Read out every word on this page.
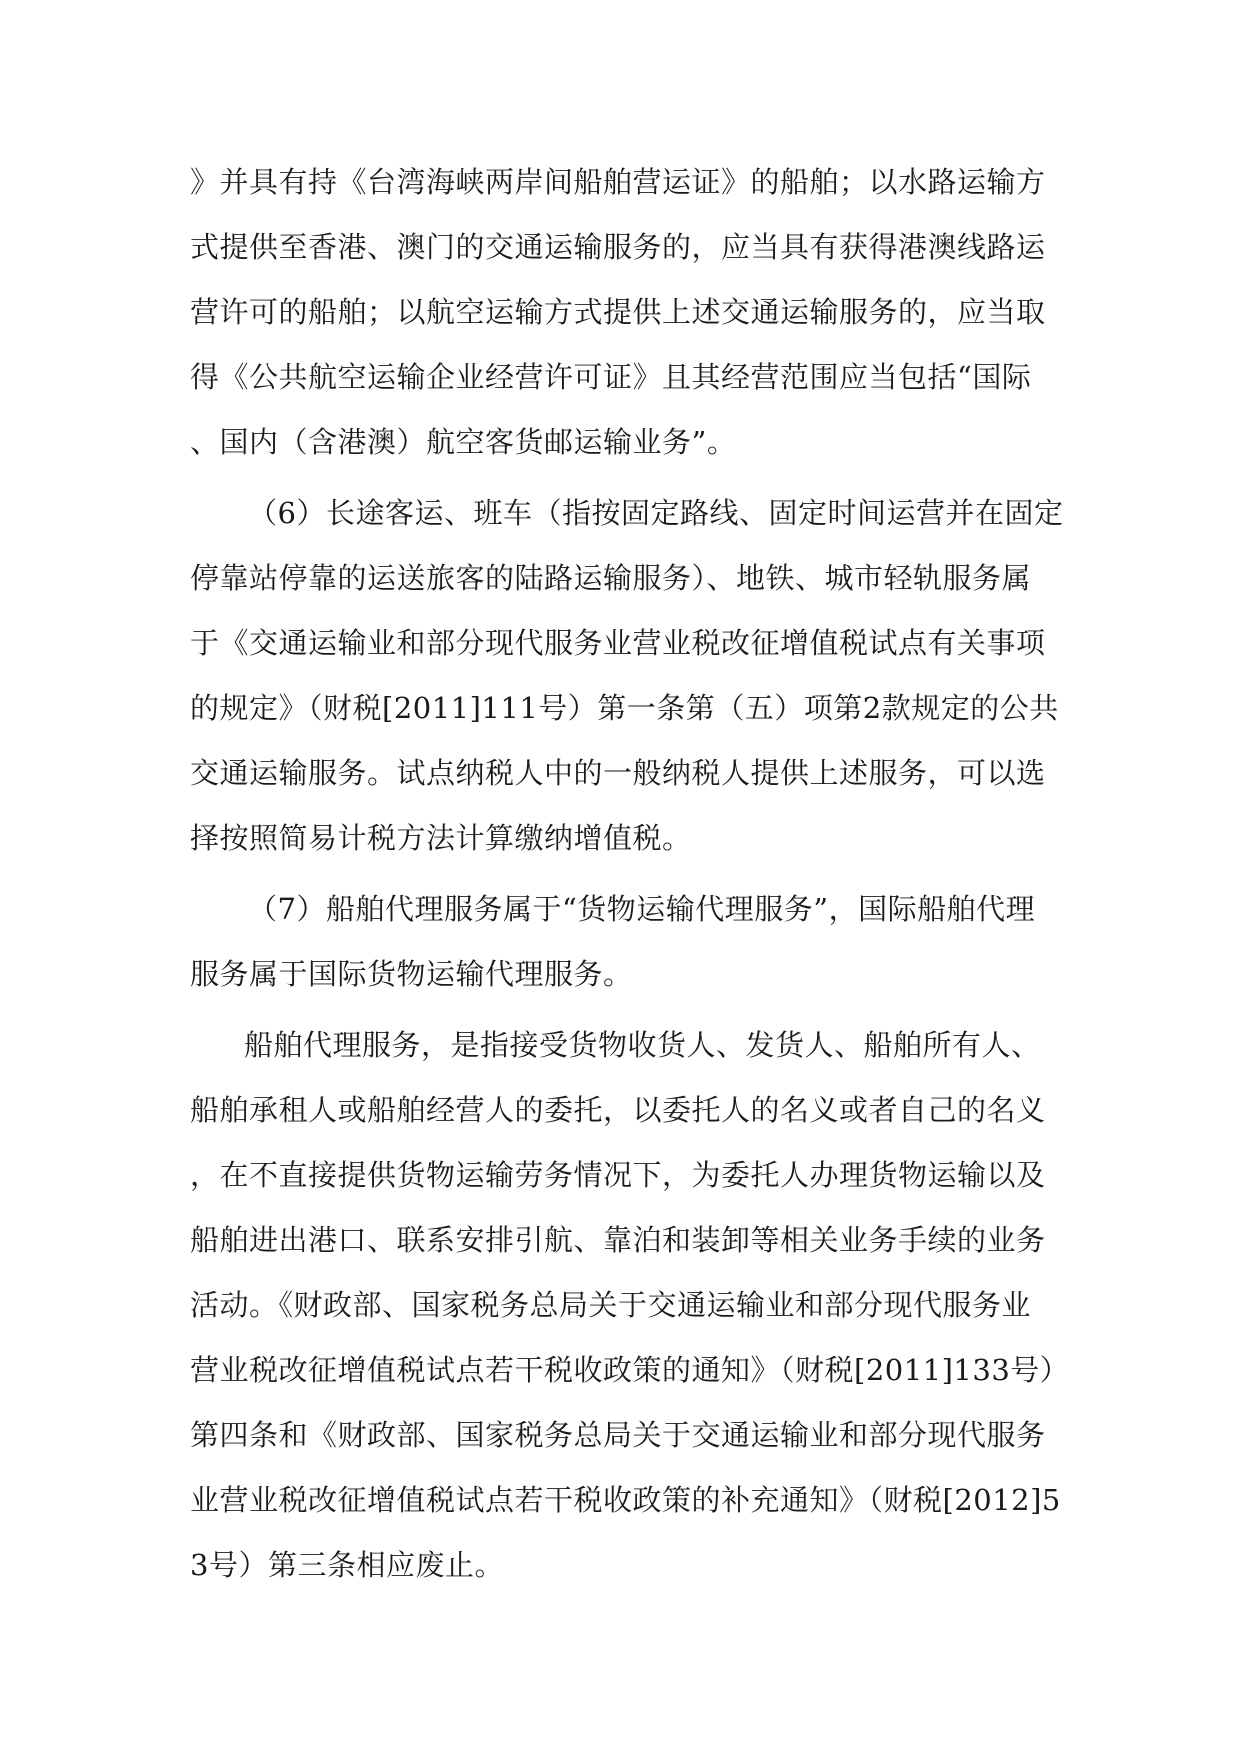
》并具有持《台湾海峡两岸间船舶营运证》的船舶；以水路运输方
式提供至香港、澳门的交通运输服务的，应当具有获得港澳线路运
营许可的船舶；以航空运输方式提供上述交通运输服务的，应当取
得《公共航空运输企业经营许可证》且其经营范围应当包括“国际
、国内（含港澳）航空客货邮运输业务”。
（6）长途客运、班车（指按固定路线、固定时间运营并在固定
停靠站停靠的运送旅客的陆路运输服务）、地铁、城市轻轨服务属
于《交通运输业和部分现代服务业营业税改征增值税试点有关事项
的规定》（财税[2011]111号）第一条第（五）项第2款规定的公共
交通运输服务。试点纳税人中的一般纳税人提供上述服务，可以选
择按照简易计税方法计算缴纳增值税。
（7）船舶代理服务属于“货物运输代理服务”，国际船舶代理
服务属于国际货物运输代理服务。
船舶代理服务，是指接受货物收货人、发货人、船舶所有人、
船舶承租人或船舶经营人的委托，以委托人的名义或者自己的名义
，在不直接提供货物运输劳务情况下，为委托人办理货物运输以及
船舶进出港口、联系安排引航、靠泊和装卸等相关业务手续的业务
活动。《财政部、国家税务总局关于交通运输业和部分现代服务业
营业税改征增值税试点若干税收政策的通知》（财税[2011]133号）
第四条和《财政部、国家税务总局关于交通运输业和部分现代服务
业营业税改征增值税试点若干税收政策的补充通知》（财税[2012]5
3号）第三条相应废止。
